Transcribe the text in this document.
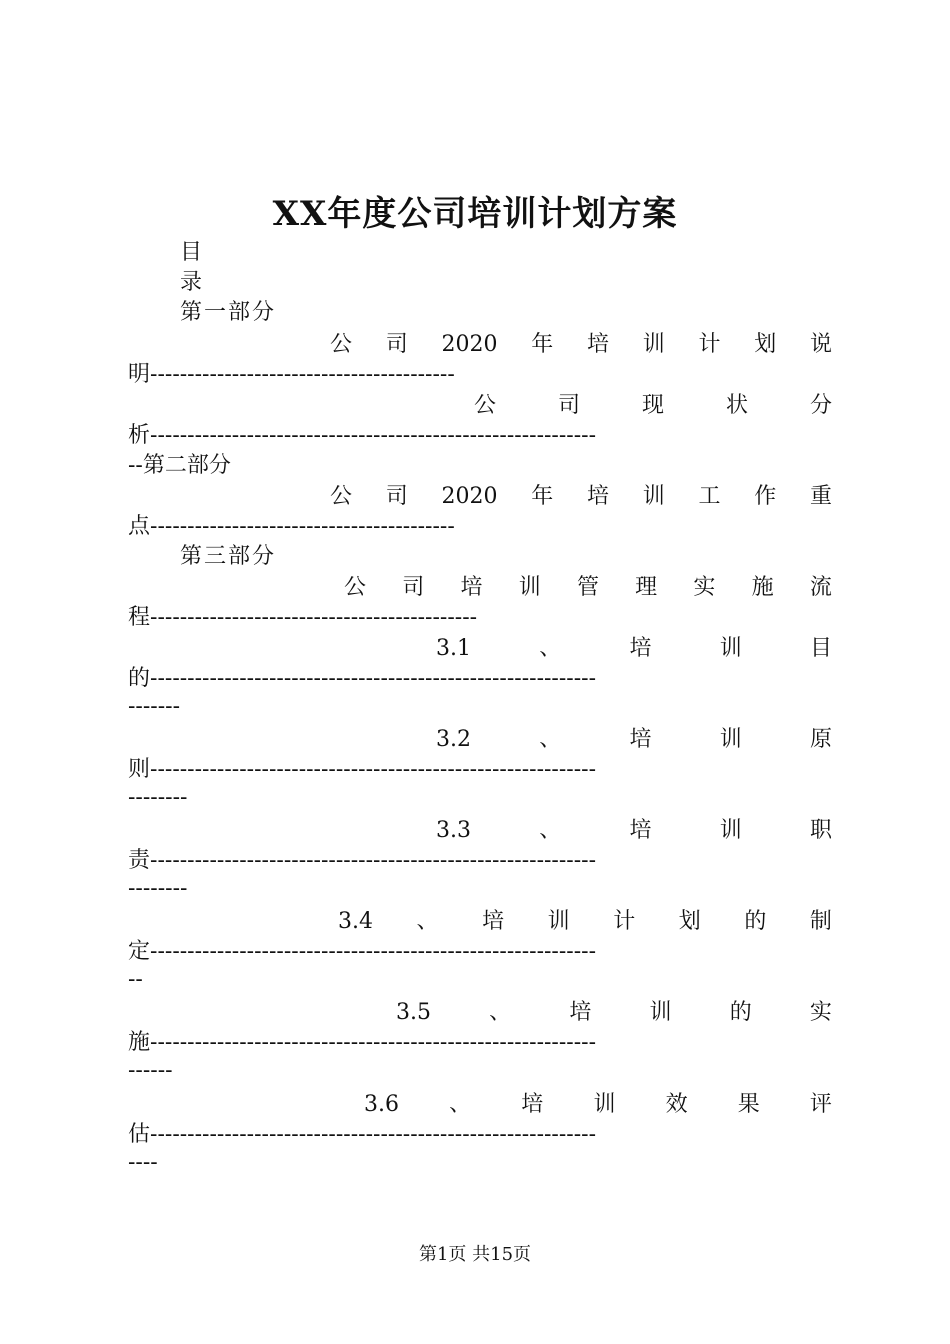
XX年度公司培训计划方案
目
录
第一部分
公 司 2020 年 培 训 计 划 说
明 -----------------------------------------
公	司	现	状	分
析 ------------------------------------------------------------
--第二部分
公 司 2020 年 培 训 工 作 重
点 -----------------------------------------
第三部分
公 司 培 训 管 理 实 施 流
程 --------------------------------------------
3.1	、	培	训	目
的 ------------------------------------------------------------
-------
3.2	、	培	训	原
则 ------------------------------------------------------------
--------
3.3	、	培	训	职
责 ------------------------------------------------------------
--------
3.4 、 培 训 计 划 的 制
定 ------------------------------------------------------------
--
3.5	、	培	训	的	实
施 ------------------------------------------------------------
------
3.6 、 培 训 效 果 评
估 ------------------------------------------------------------
----
第1页 共15页
